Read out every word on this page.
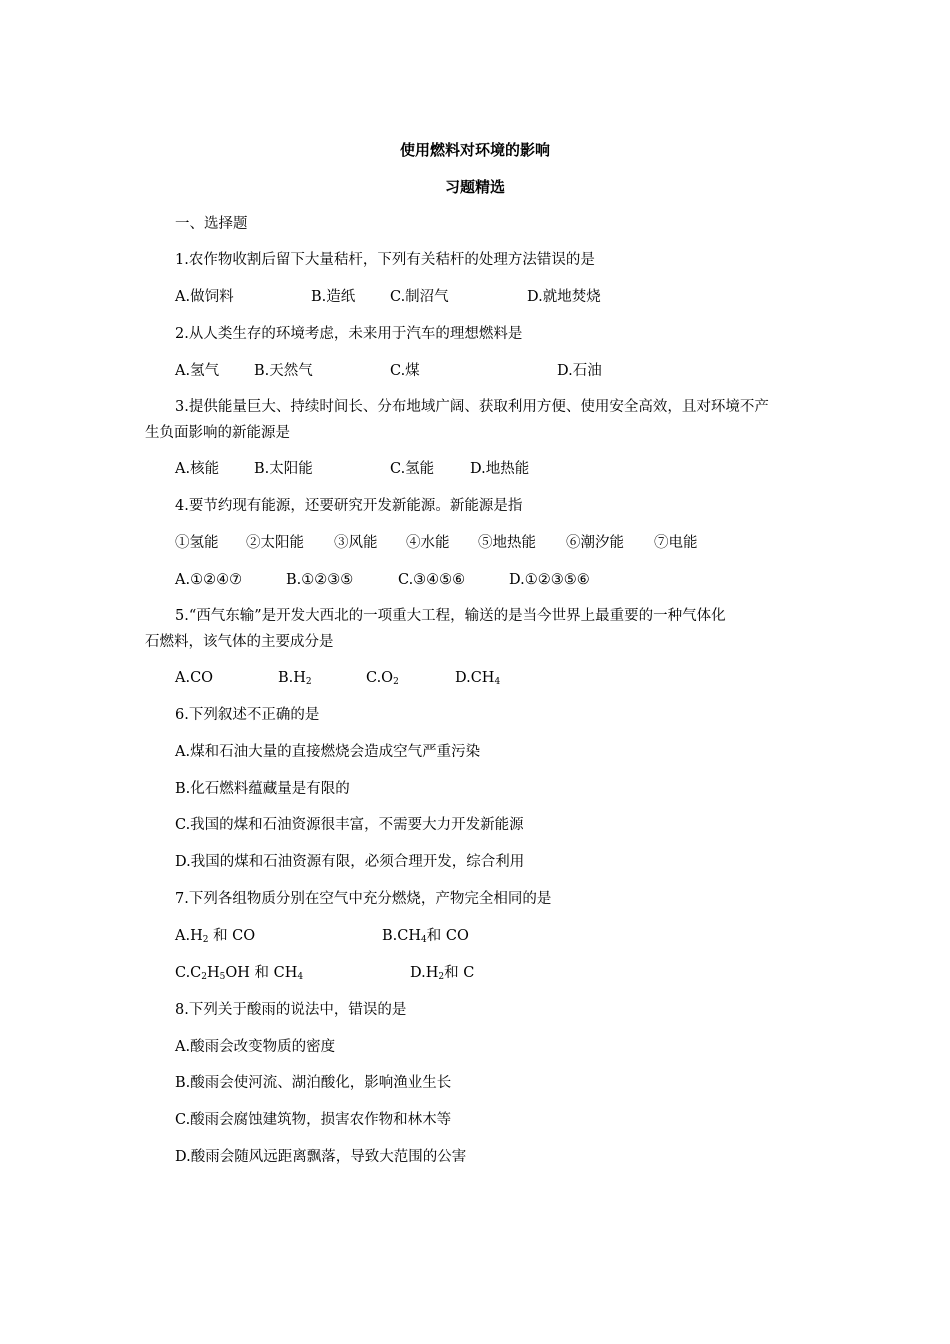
使用燃料对环境的影响
习题精选
一、选择题
1.农作物收割后留下大量秸杆，下列有关秸杆的处理方法错误的是
A.做饲料	B.造纸 C.制沼气	D.就地焚烧
2.从人类生存的环境考虑，未来用于汽车的理想燃料是
A.氢气 B.天然气	C.煤	D.石油
3.提供能量巨大、持续时间长、分布地域广阔、获取利用方便、使用安全高效，且对环境不产
生负面影响的新能源是
A.核能 B.太阳能	C.氢能 D.地热能
4.要节约现有能源，还要研究开发新能源。新能源是指
①氢能 ②太阳能 ③风能 ④水能 ⑤地热能 ⑥潮汐能 ⑦电能
A.①②④⑦	B.①②③⑤	C.③④⑤⑥	D.①②③⑤⑥
5.“西气东输”是开发大西北的一项重大工程，输送的是当今世界上最重要的一种气体化
石燃料，该气体的主要成分是
A.CO	$B.H_2$	$C.O_2$	$D.CH_4$
6.下列叙述不正确的是
A.煤和石油大量的直接燃烧会造成空气严重污染
B.化石燃料蕴藏量是有限的
C.我国的煤和石油资源很丰富，不需要大力开发新能源
D.我国的煤和石油资源有限，必须合理开发，综合利用
7.下列各组物质分别在空气中充分燃烧，产物完全相同的是
$A.H_2$ 和 CO	$B.CH_4$和 CO
$C.C_2H_5OH$ 和 $CH_4$	$D.H_2$和 C
8.下列关于酸雨的说法中，错误的是
A.酸雨会改变物质的密度
B.酸雨会使河流、湖泊酸化，影响渔业生长
C.酸雨会腐蚀建筑物，损害农作物和林木等
D.酸雨会随风远距离飘落，导致大范围的公害
